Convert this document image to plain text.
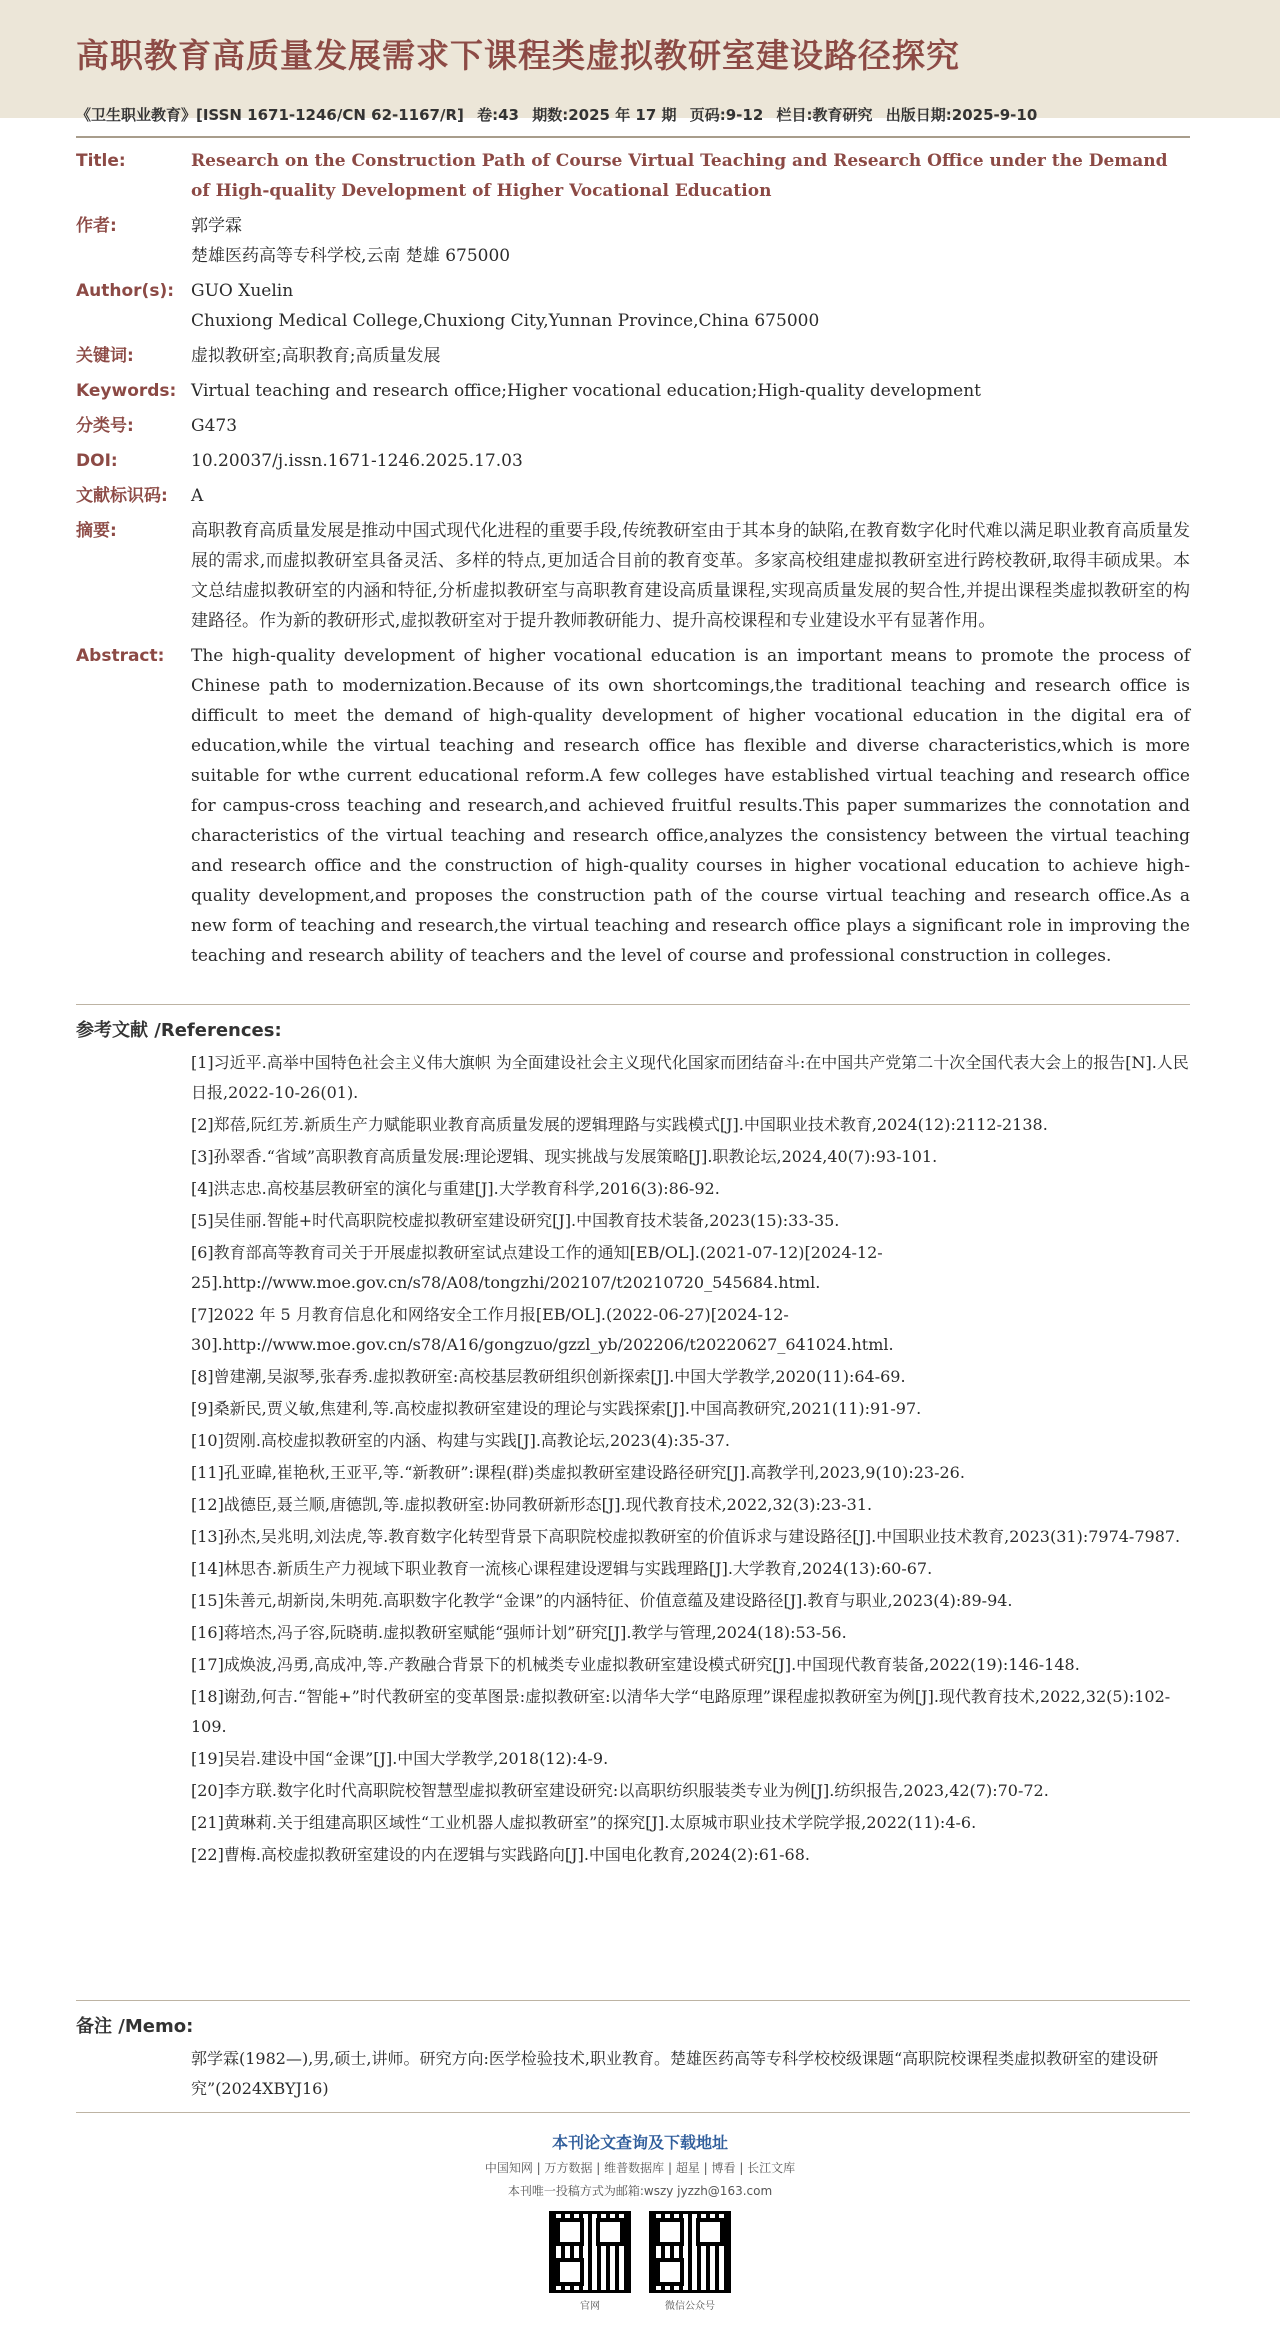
高职教育高质量发展需求下课程类虚拟教研室建设路径探究
《卫生职业教育》[ISSN 1671-1246/CN 62-1167/R] 卷:43 期数:2025 年 17 期 页码:9-12 栏目:教育研究 出版日期:2025-9-10
Title:	Research on the Construction Path of Course Virtual Teaching and Research Office under the Demand of High-quality Development of Higher Vocational Education
作者:	郭学霖

楚雄医药高等专科学校,云南 楚雄 675000

Author(s): GUO Xuelin

Chuxiong Medical College,Chuxiong City,Yunnan Province,China 675000

关键词:	虚拟教研室;高职教育;高质量发展
Keywords: Virtual teaching and research office;Higher vocational education;High-quality development
分类号:	G473
DOI:	10.20037/j.issn.1671-1246.2025.17.03
文献标识码:	A
摘要:	高职教育高质量发展是推动中国式现代化进程的重要手段,传统教研室由于其本身的缺陷,在教育数字化时代难以满足职业教育高质量发展的需求,而虚拟教研室具备灵活、多样的特点,更加适合目前的教育变革。多家高校组建虚拟教研室进行跨校教研,取得丰硕成果。本文总结虚拟教研室的内涵和特征,分析虚拟教研室与高职教育建设高质量课程,实现高质量发展的契合性,并提出课程类虚拟教研室的构建路径。作为新的教研形式,虚拟教研室对于提升教师教研能力、提升高校课程和专业建设水平有显著作用。
Abstract:	The high-quality development of higher vocational education is an important means to promote the process of Chinese path to modernization.Because of its own shortcomings,the traditional teaching and research office is difficult to meet the demand of high-quality development of higher vocational education in the digital era of education,while the virtual teaching and research office has flexible and diverse characteristics,which is more suitable for wthe current educational reform.A few colleges have established virtual teaching and research office for campus-cross teaching and research,and achieved fruitful results.This paper summarizes the connotation and characteristics of the virtual teaching and research office,analyzes the consistency between the virtual teaching and research office and the construction of high-quality courses in higher vocational education to achieve high-quality development,and proposes the construction path of the course virtual teaching and research office.As a new form of teaching and research,the virtual teaching and research office plays a significant role in improving the teaching and research ability of teachers and the level of course and professional construction in colleges.
参考文献 /References:
[1]习近平.高举中国特色社会主义伟大旗帜 为全面建设社会主义现代化国家而团结奋斗:在中国共产党第二十次全国代表大会上的报告[N].人民日报,2022-10-26(01).
[2]郑蓓,阮红芳.新质生产力赋能职业教育高质量发展的逻辑理路与实践模式[J].中国职业技术教育,2024(12):2112-2138.
[3]孙翠香.“省域”高职教育高质量发展:理论逻辑、现实挑战与发展策略[J].职教论坛,2024,40(7):93-101.
[4]洪志忠.高校基层教研室的演化与重建[J].大学教育科学,2016(3):86-92.
[5]吴佳丽.智能+时代高职院校虚拟教研室建设研究[J].中国教育技术装备,2023(15):33-35.
[6]教育部高等教育司关于开展虚拟教研室试点建设工作的通知[EB/OL].(2021-07-12)[2024-12-25].http://www.moe.gov.cn/s78/A08/tongzhi/202107/t20210720_545684.html.
[7]2022 年 5 月教育信息化和网络安全工作月报[EB/OL].(2022-06-27)[2024-12-30].http://www.moe.gov.cn/s78/A16/gongzuo/gzzl_yb/202206/t20220627_641024.html.
[8]曾建潮,吴淑琴,张春秀.虚拟教研室:高校基层教研组织创新探索[J].中国大学教学,2020(11):64-69.
[9]桑新民,贾义敏,焦建利,等.高校虚拟教研室建设的理论与实践探索[J].中国高教研究,2021(11):91-97.
[10]贺刚.高校虚拟教研室的内涵、构建与实践[J].高教论坛,2023(4):35-37.
[11]孔亚暐,崔艳秋,王亚平,等.“新教研”:课程(群)类虚拟教研室建设路径研究[J].高教学刊,2023,9(10):23-26.
[12]战德臣,聂兰顺,唐德凯,等.虚拟教研室:协同教研新形态[J].现代教育技术,2022,32(3):23-31.
[13]孙杰,吴兆明,刘法虎,等.教育数字化转型背景下高职院校虚拟教研室的价值诉求与建设路径[J].中国职业技术教育,2023(31):7974-7987.
[14]林思杏.新质生产力视域下职业教育一流核心课程建设逻辑与实践理路[J].大学教育,2024(13):60-67.
[15]朱善元,胡新岗,朱明苑.高职数字化教学“金课”的内涵特征、价值意蕴及建设路径[J].教育与职业,2023(4):89-94.
[16]蒋培杰,冯子容,阮晓萌.虚拟教研室赋能“强师计划”研究[J].教学与管理,2024(18):53-56.
[17]成焕波,冯勇,高成冲,等.产教融合背景下的机械类专业虚拟教研室建设模式研究[J].中国现代教育装备,2022(19):146-148.
[18]谢劲,何吉.“智能+”时代教研室的变革图景:虚拟教研室:以清华大学“电路原理”课程虚拟教研室为例[J].现代教育技术,2022,32(5):102-109.
[19]吴岩.建设中国“金课”[J].中国大学教学,2018(12):4-9.
[20]李方联.数字化时代高职院校智慧型虚拟教研室建设研究:以高职纺织服装类专业为例[J].纺织报告,2023,42(7):70-72.
[21]黄琳莉.关于组建高职区域性“工业机器人虚拟教研室”的探究[J].太原城市职业技术学院学报,2022(11):4-6.
[22]曹梅.高校虚拟教研室建设的内在逻辑与实践路向[J].中国电化教育,2024(2):61-68.
备注 /Memo:

郭学霖(1982—),男,硕士,讲师。研究方向:医学检验技术,职业教育。楚雄医药高等专科学校校级课题“高职院校课程类虚拟教研室的建设研究”(2024XBYJ16)

本刊论文查询及下载地址
中国知网 | 万方数据 | 维普数据库 | 超星 | 博看 | 长江文库
本刊唯一投稿方式为邮箱:wszy jyzzh@163.com
官网	微信公众号
